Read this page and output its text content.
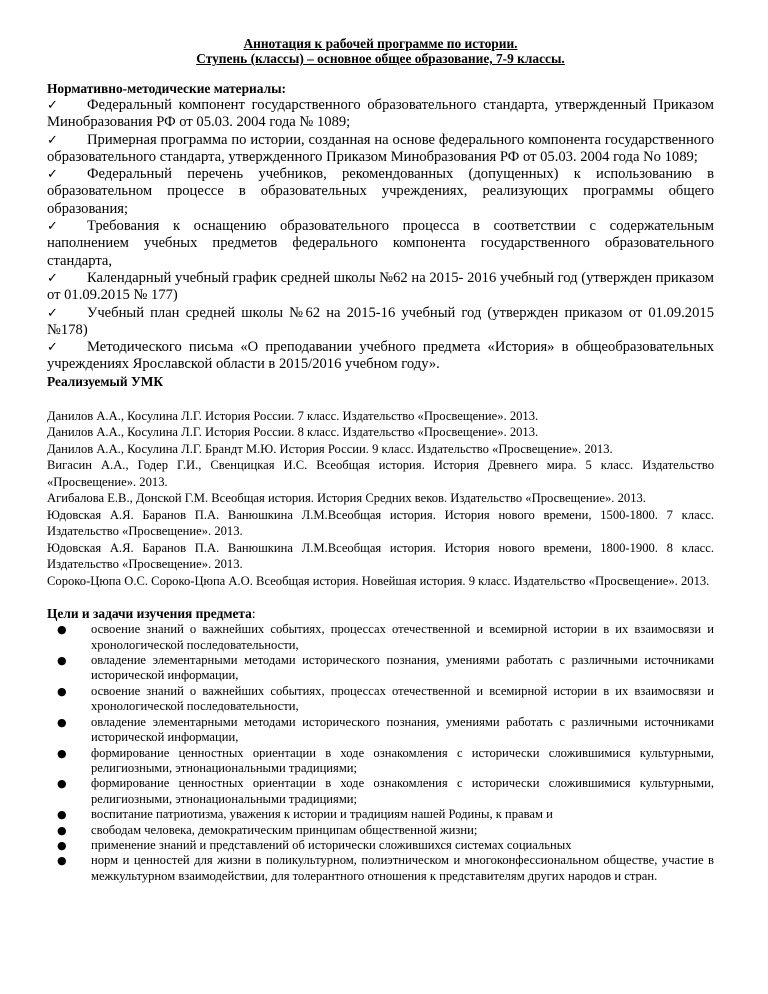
Аннотация к рабочей программе по истории.
Ступень (классы) – основное общее образование, 7-9 классы.
Нормативно-методические материалы:

✓ Федеральный компонент государственного образовательного стандарта, утвержденный Приказом Минобразования РФ от 05.03. 2004 года № 1089;

✓ Примерная программа по истории, созданная на основе федерального компонента государственного образовательного стандарта, утвержденного Приказом Минобразования РФ от 05.03. 2004 года No 1089;

✓ Федеральный перечень учебников, рекомендованных (допущенных) к использованию в образовательном процессе в образовательных учреждениях, реализующих программы общего образования;

✓ Требования к оснащению образовательного процесса в соответствии с содержательным наполнением учебных предметов федерального компонента государственного образовательного стандарта,

✓ Календарный учебный график средней школы №62 на 2015- 2016 учебный год (утвержден приказом от 01.09.2015 № 177)

✓ Учебный план средней школы №62 на 2015-16 учебный год (утвержден приказом от 01.09.2015 №178)

✓ Методического письма «О преподавании учебного предмета «История» в общеобразовательных учреждениях Ярославской области в 2015/2016 учебном году».

Реализуемый УМК

Данилов А.А., Косулина Л.Г. История России. 7 класс. Издательство «Просвещение». 2013.

Данилов А.А., Косулина Л.Г. История России. 8 класс. Издательство «Просвещение». 2013.

Данилов А.А., Косулина Л.Г. Брандт М.Ю. История России. 9 класс. Издательство «Просвещение». 2013.

Вигасин А.А., Годер Г.И., Свенцицкая И.С. Всеобщая история. История Древнего мира. 5 класс. Издательство «Просвещение». 2013.

Агибалова Е.В., Донской Г.М. Всеобщая история. История Средних веков. Издательство «Просвещение». 2013.

Юдовская А.Я. Баранов П.А. Ванюшкина Л.М.Всеобщая история. История нового времени, 1500-1800. 7 класс. Издательство «Просвещение». 2013.

Юдовская А.Я. Баранов П.А. Ванюшкина Л.М.Всеобщая история. История нового времени, 1800-1900. 8 класс. Издательство «Просвещение». 2013.

Сороко-Цюпа О.С. Сороко-Цюпа А.О. Всеобщая история. Новейшая история. 9 класс. Издательство «Просвещение». 2013.

Цели и задачи изучения предмета:
● освоение знаний о важнейших событиях, процессах отечественной и всемирной истории в их взаимосвязи и хронологической последовательности,
● овладение элементарными методами исторического познания, умениями работать с различными источниками исторической информации,
● освоение знаний о важнейших событиях, процессах отечественной и всемирной истории в их взаимосвязи и хронологической последовательности,
● овладение элементарными методами исторического познания, умениями работать с различными источниками исторической информации,
● формирование ценностных ориентации в ходе ознакомления с исторически сложившимися культурными, религиозными, этнонациональными традициями;
● формирование ценностных ориентации в ходе ознакомления с исторически сложившимися культурными, религиозными, этнонациональными традициями;
● воспитание патриотизма, уважения к истории и традициям нашей Родины, к правам и
● свободам человека, демократическим принципам общественной жизни;
● применение знаний и представлений об исторически сложившихся системах социальных
● норм и ценностей для жизни в поликультурном, полиэтническом и многоконфессиональном обществе, участие в межкультурном взаимодействии, для толерантного отношения к представителям других народов и стран.
